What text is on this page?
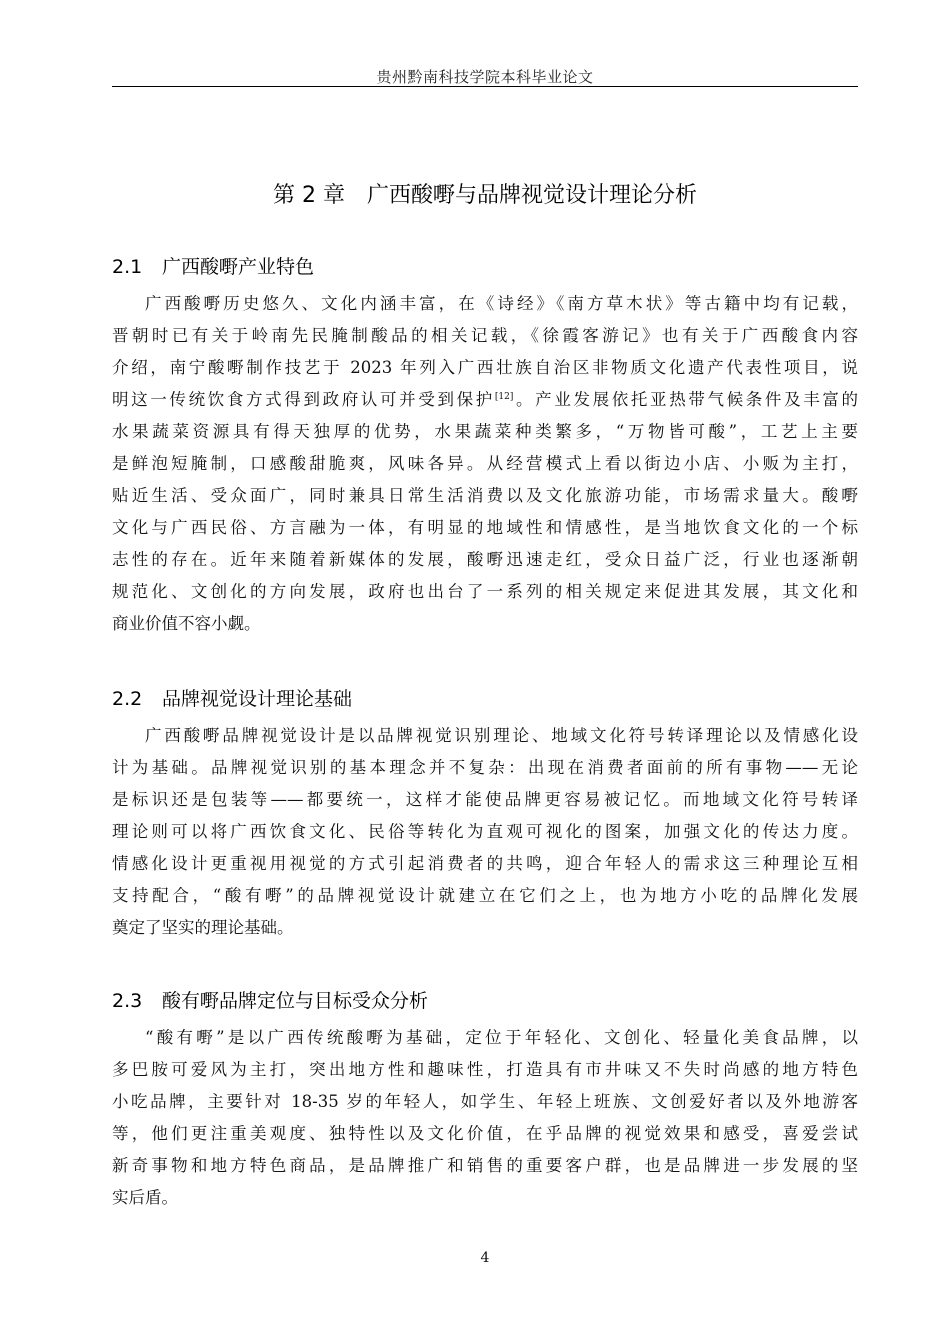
贵州黔南科技学院本科毕业论文
第 2 章　广西酸嘢与品牌视觉设计理论分析
2.1 广西酸嘢产业特色
广西酸嘢历史悠久、文化内涵丰富，在《诗经》《南方草木状》等古籍中均有记载，
晋朝时已有关于岭南先民腌制酸品的相关记载，《徐霞客游记》也有关于广西酸食内容
介绍，南宁酸嘢制作技艺于 2023 年列入广西壮族自治区非物质文化遗产代表性项目，说
明这一传统饮食方式得到政府认可并受到保护[12]。产业发展依托亚热带气候条件及丰富的
水果蔬菜资源具有得天独厚的优势，水果蔬菜种类繁多，“万物皆可酸”，工艺上主要
是鲜泡短腌制，口感酸甜脆爽，风味各异。从经营模式上看以街边小店、小贩为主打，
贴近生活、受众面广，同时兼具日常生活消费以及文化旅游功能，市场需求量大。酸嘢
文化与广西民俗、方言融为一体，有明显的地域性和情感性，是当地饮食文化的一个标
志性的存在。近年来随着新媒体的发展，酸嘢迅速走红，受众日益广泛，行业也逐渐朝
规范化、文创化的方向发展，政府也出台了一系列的相关规定来促进其发展，其文化和
商业价值不容小觑。
2.2 品牌视觉设计理论基础
广西酸嘢品牌视觉设计是以品牌视觉识别理论、地域文化符号转译理论以及情感化设
计为基础。品牌视觉识别的基本理念并不复杂：出现在消费者面前的所有事物——无论
是标识还是包装等——都要统一，这样才能使品牌更容易被记忆。而地域文化符号转译
理论则可以将广西饮食文化、民俗等转化为直观可视化的图案，加强文化的传达力度。
情感化设计更重视用视觉的方式引起消费者的共鸣，迎合年轻人的需求这三种理论互相
支持配合，“酸有嘢”的品牌视觉设计就建立在它们之上，也为地方小吃的品牌化发展
奠定了坚实的理论基础。
2.3 酸有嘢品牌定位与目标受众分析
“酸有嘢”是以广西传统酸嘢为基础，定位于年轻化、文创化、轻量化美食品牌，以
多巴胺可爱风为主打，突出地方性和趣味性，打造具有市井味又不失时尚感的地方特色
小吃品牌，主要针对 18-35 岁的年轻人，如学生、年轻上班族、文创爱好者以及外地游客
等，他们更注重美观度、独特性以及文化价值，在乎品牌的视觉效果和感受，喜爱尝试
新奇事物和地方特色商品，是品牌推广和销售的重要客户群，也是品牌进一步发展的坚
实后盾。
4
